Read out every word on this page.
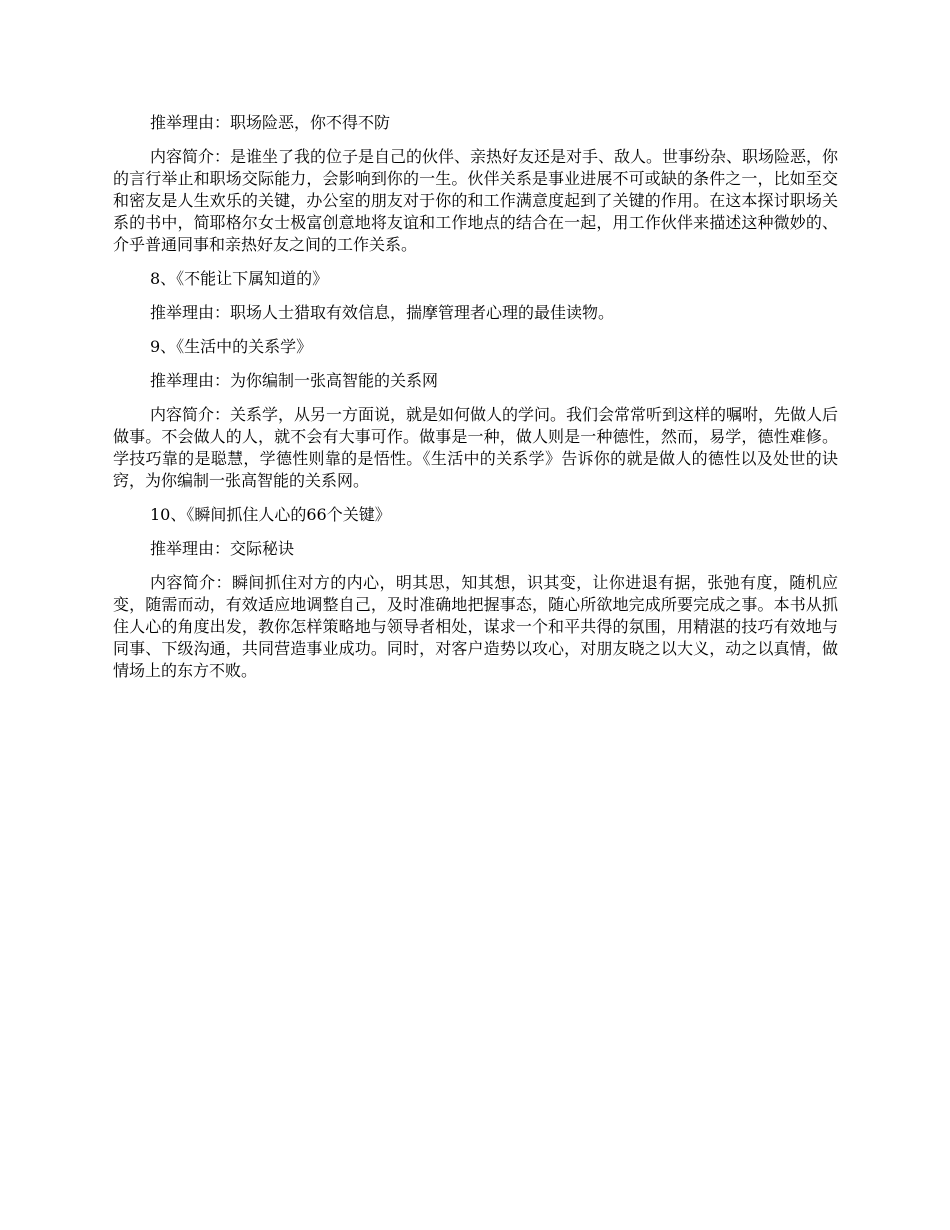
推举理由：职场险恶，你不得不防

内容简介：是谁坐了我的位子是自己的伙伴、亲热好友还是对手、敌人。世事纷杂、职场险恶，你的言行举止和职场交际能力，会影响到你的一生。伙伴关系是事业进展不可或缺的条件之一，比如至交和密友是人生欢乐的关键，办公室的朋友对于你的和工作满意度起到了关键的作用。在这本探讨职场关系的书中，简耶格尔女士极富创意地将友谊和工作地点的结合在一起，用工作伙伴来描述这种微妙的、介乎普通同事和亲热好友之间的工作关系。

8、《不能让下属知道的》

推举理由：职场人士猎取有效信息，揣摩管理者心理的最佳读物。

9、《生活中的关系学》

推举理由：为你编制一张高智能的关系网

内容简介：关系学，从另一方面说，就是如何做人的学问。我们会常常听到这样的嘱咐，先做人后做事。不会做人的人，就不会有大事可作。做事是一种，做人则是一种德性，然而，易学，德性难修。学技巧靠的是聪慧，学德性则靠的是悟性。《生活中的关系学》告诉你的就是做人的德性以及处世的诀窍，为你编制一张高智能的关系网。

10、《瞬间抓住人心的66个关键》

推举理由：交际秘诀

内容简介：瞬间抓住对方的内心，明其思，知其想，识其变，让你进退有据，张弛有度，随机应变，随需而动，有效适应地调整自己，及时准确地把握事态，随心所欲地完成所要完成之事。本书从抓住人心的角度出发，教你怎样策略地与领导者相处，谋求一个和平共得的氛围，用精湛的技巧有效地与同事、下级沟通，共同营造事业成功。同时，对客户造势以攻心，对朋友晓之以大义，动之以真情，做情场上的东方不败。
